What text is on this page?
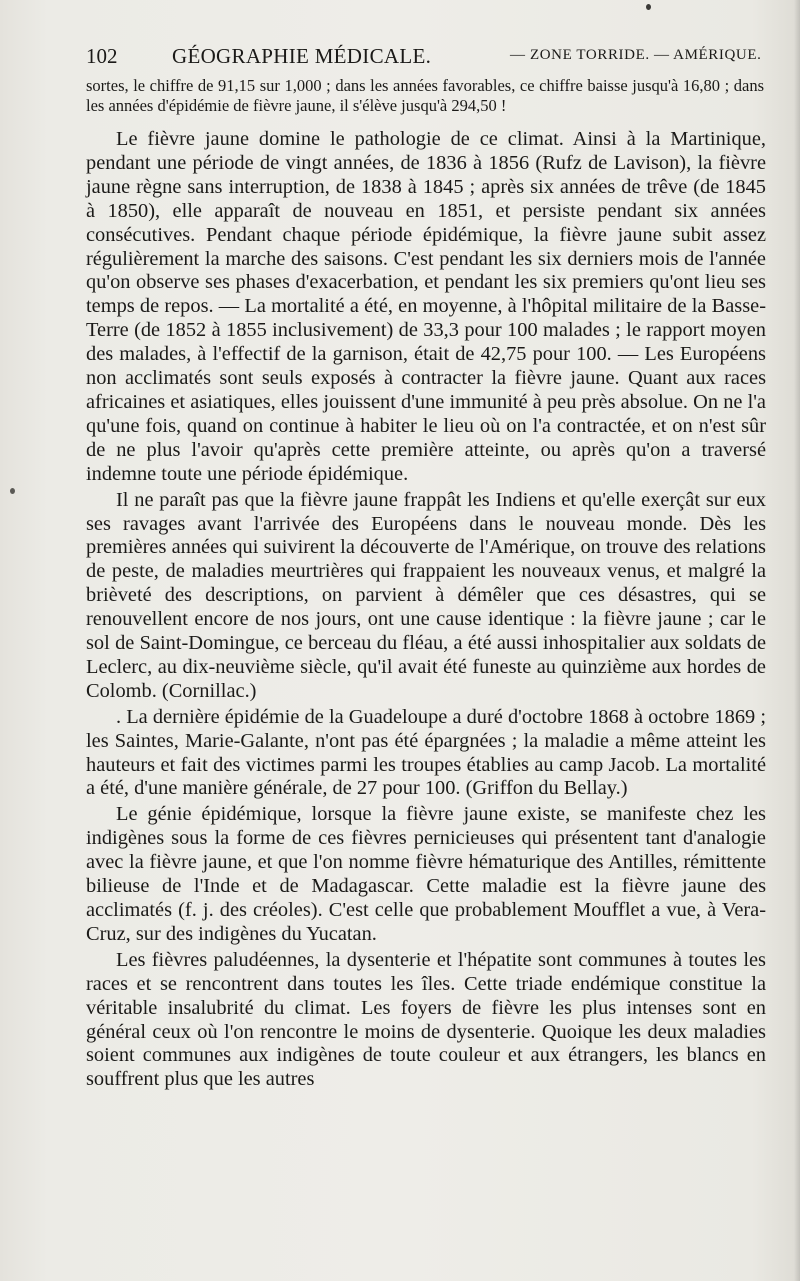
102	GÉOGRAPHIE MÉDICALE.	— ZONE TORRIDE. — AMÉRIQUE.
sortes, le chiffre de 91,15 sur 1,000 ; dans les années favorables, ce chiffre baisse jusqu'à 16,80 ; dans les années d'épidémie de fièvre jaune, il s'élève jusqu'à 294,50 !

Le fièvre jaune domine le pathologie de ce climat. Ainsi à la Martinique, pendant une période de vingt années, de 1836 à 1856 (Rufz de Lavison), la fièvre jaune règne sans interruption, de 1838 à 1845 ; après six années de trêve (de 1845 à 1850), elle apparaît de nouveau en 1851, et persiste pendant six années consécutives. Pendant chaque période épidémique, la fièvre jaune subit assez régulièrement la marche des saisons. C'est pendant les six derniers mois de l'année qu'on observe ses phases d'exacerbation, et pendant les six premiers qu'ont lieu ses temps de repos. — La mortalité a été, en moyenne, à l'hôpital militaire de la Basse-Terre (de 1852 à 1855 inclusivement) de 33,3 pour 100 malades ; le rapport moyen des malades, à l'effectif de la garnison, était de 42,75 pour 100. — Les Européens non acclimatés sont seuls exposés à contracter la fièvre jaune. Quant aux races africaines et asiatiques, elles jouissent d'une immunité à peu près absolue. On ne l'a qu'une fois, quand on continue à habiter le lieu où on l'a contractée, et on n'est sûr de ne plus l'avoir qu'après cette première atteinte, ou après qu'on a traversé indemne toute une période épidémique.

Il ne paraît pas que la fièvre jaune frappât les Indiens et qu'elle exerçât sur eux ses ravages avant l'arrivée des Européens dans le nouveau monde. Dès les premières années qui suivirent la découverte de l'Amérique, on trouve des relations de peste, de maladies meurtrières qui frappaient les nouveaux venus, et malgré la brièveté des descriptions, on parvient à démêler que ces désastres, qui se renouvellent encore de nos jours, ont une cause identique : la fièvre jaune ; car le sol de Saint-Domingue, ce berceau du fléau, a été aussi inhospitalier aux soldats de Leclerc, au dix-neuvième siècle, qu'il avait été funeste au quinzième aux hordes de Colomb. (Cornillac.)

. La dernière épidémie de la Guadeloupe a duré d'octobre 1868 à octobre 1869 ; les Saintes, Marie-Galante, n'ont pas été épargnées ; la maladie a même atteint les hauteurs et fait des victimes parmi les troupes établies au camp Jacob. La mortalité a été, d'une manière générale, de 27 pour 100. (Griffon du Bellay.)

Le génie épidémique, lorsque la fièvre jaune existe, se manifeste chez les indigènes sous la forme de ces fièvres pernicieuses qui présentent tant d'analogie avec la fièvre jaune, et que l'on nomme fièvre hématurique des Antilles, rémittente bilieuse de l'Inde et de Madagascar. Cette maladie est la fièvre jaune des acclimatés (f. j. des créoles). C'est celle que probablement Moufflet a vue, à Vera-Cruz, sur des indigènes du Yucatan.

Les fièvres paludéennes, la dysenterie et l'hépatite sont communes à toutes les races et se rencontrent dans toutes les îles. Cette triade endémique constitue la véritable insalubrité du climat. Les foyers de fièvre les plus intenses sont en général ceux où l'on rencontre le moins de dysenterie. Quoique les deux maladies soient communes aux indigènes de toute couleur et aux étrangers, les blancs en souffrent plus que les autres
